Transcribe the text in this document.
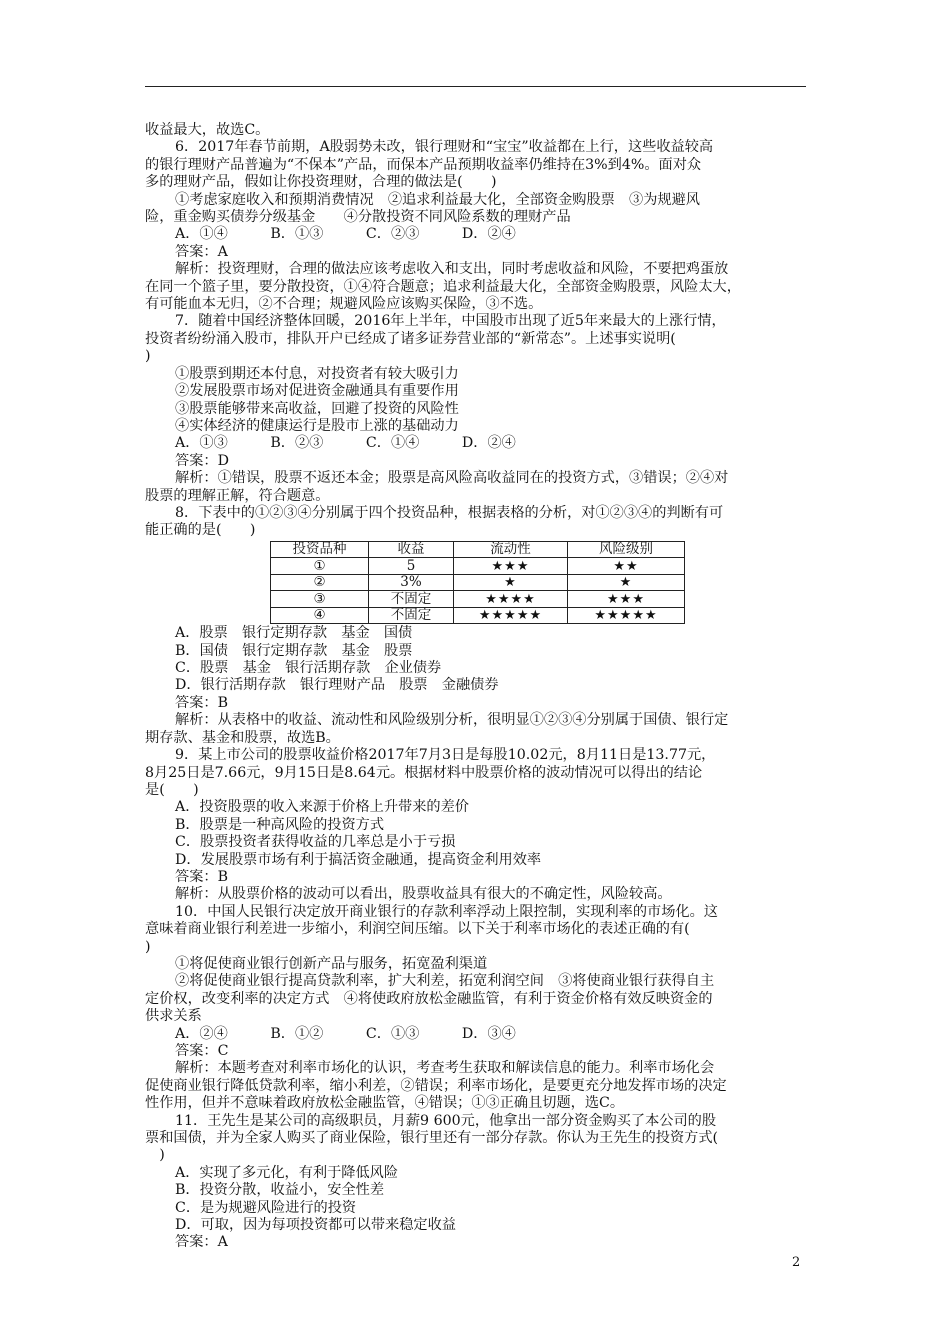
收益最大，故选C。

6．2017年春节前期，A股弱势未改，银行理财和“宝宝”收益都在上行，这些收益较高

的银行理财产品普遍为“不保本”产品，而保本产品预期收益率仍维持在3%到4%。面对众

多的理财产品，假如让你投资理财，合理的做法是(　　)

①考虑家庭收入和预期消费情况　②追求利益最大化，全部资金购股票　③为规避风

险，重金购买债券分级基金　　④分散投资不同风险系数的理财产品

A．①④　　　B．①③　　　C．②③　　　D．②④

答案：A

解析：投资理财，合理的做法应该考虑收入和支出，同时考虑收益和风险，不要把鸡蛋放

在同一个篮子里，要分散投资，①④符合题意；追求利益最大化，全部资金购股票，风险太大，

有可能血本无归，②不合理；规避风险应该购买保险，③不选。

7．随着中国经济整体回暖，2016年上半年，中国股市出现了近5年来最大的上涨行情，

投资者纷纷涌入股市，排队开户已经成了诸多证券营业部的“新常态”。上述事实说明(

)

①股票到期还本付息，对投资者有较大吸引力

②发展股票市场对促进资金融通具有重要作用

③股票能够带来高收益，回避了投资的风险性

④实体经济的健康运行是股市上涨的基础动力

A．①③　　　B．②③　　　C．①④　　　D．②④

答案：D

解析：①错误，股票不返还本金；股票是高风险高收益同在的投资方式，③错误；②④对

股票的理解正解，符合题意。

8．下表中的①②③④分别属于四个投资品种，根据表格的分析，对①②③④的判断有可

能正确的是(　　)

投资品种	收益	流动性	风险级别
①	5	★★★	★★
②	3%	★	★
③	不固定	★★★★	★★★
④	不固定	★★★★★	★★★★★

A．股票　银行定期存款　基金　国债

B．国债　银行定期存款　基金　股票

C．股票　基金　银行活期存款　企业债券

D．银行活期存款　银行理财产品　股票　金融债券

答案：B

解析：从表格中的收益、流动性和风险级别分析，很明显①②③④分别属于国债、银行定

期存款、基金和股票，故选B。

9．某上市公司的股票收益价格2017年7月3日是每股10.02元，8月11日是13.77元，

8月25日是7.66元，9月15日是8.64元。根据材料中股票价格的波动情况可以得出的结论

是(　　)

A．投资股票的收入来源于价格上升带来的差价

B．股票是一种高风险的投资方式

C．股票投资者获得收益的几率总是小于亏损

D．发展股票市场有利于搞活资金融通，提高资金利用效率

答案：B

解析：从股票价格的波动可以看出，股票收益具有很大的不确定性，风险较高。

10．中国人民银行决定放开商业银行的存款利率浮动上限控制，实现利率的市场化。这

意味着商业银行利差进一步缩小，利润空间压缩。以下关于利率市场化的表述正确的有(

)

①将促使商业银行创新产品与服务，拓宽盈利渠道

②将促使商业银行提高贷款利率，扩大利差，拓宽利润空间　③将使商业银行获得自主

定价权，改变利率的决定方式　④将使政府放松金融监管，有利于资金价格有效反映资金的

供求关系

A．②④　　　B．①②　　　C．①③　　　D．③④

答案：C

解析：本题考查对利率市场化的认识，考查考生获取和解读信息的能力。利率市场化会

促使商业银行降低贷款利率，缩小利差，②错误；利率市场化，是要更充分地发挥市场的决定

性作用，但并不意味着政府放松金融监管，④错误；①③正确且切题，选C。

11．王先生是某公司的高级职员，月薪9 600元，他拿出一部分资金购买了本公司的股

票和国债，并为全家人购买了商业保险，银行里还有一部分存款。你认为王先生的投资方式(

　)

A．实现了多元化，有利于降低风险

B．投资分散，收益小，安全性差

C．是为规避风险进行的投资

D．可取，因为每项投资都可以带来稳定收益

答案：A

2
